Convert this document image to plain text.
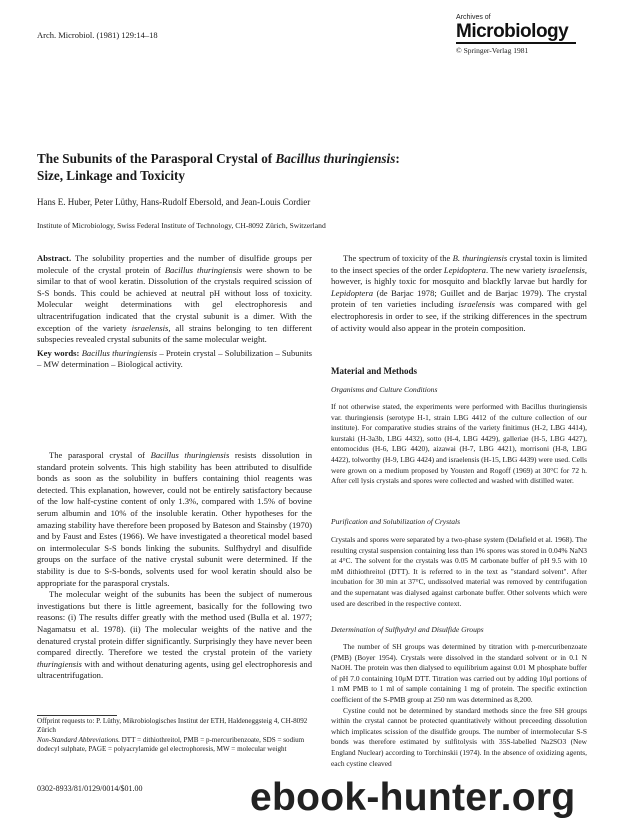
Arch. Microbiol. (1981) 129:14–18
Archives of
Microbiology
© Springer-Verlag 1981
The Subunits of the Parasporal Crystal of Bacillus thuringiensis:
Size, Linkage and Toxicity
Hans E. Huber, Peter Lüthy, Hans-Rudolf Ebersold, and Jean-Louis Cordier
Institute of Microbiology, Swiss Federal Institute of Technology, CH-8092 Zürich, Switzerland

Abstract. The solubility properties and the number of disulfide groups per molecule of the crystal protein of Bacillus thuringiensis were shown to be similar to that of wool keratin. Dissolution of the crystals required scission of S-S bonds. This could be achieved at neutral pH without loss of toxicity. Molecular weight determinations with gel electrophoresis and ultracentrifugation indicated that the crystal subunit is a dimer. With the exception of the variety israelensis, all strains belonging to ten different subspecies revealed crystal subunits of the same molecular weight.

Key words: Bacillus thuringiensis – Protein crystal – Solubilization – Subunits – MW determination – Biological activity.

The parasporal crystal of Bacillus thuringiensis resists dissolution in standard protein solvents. This high stability has been attributed to disulfide bonds as soon as the solubility in buffers containing thiol reagents was detected. This explanation, however, could not be entirely satisfactory because of the low half-cystine content of only 1.3%, compared with 1.5% of bovine serum albumin and 10% of the insoluble keratin. Other hypotheses for the amazing stability have therefore been proposed by Bateson and Stainsby (1970) and by Faust and Estes (1966). We have investigated a theoretical model based on intermolecular S-S bonds linking the subunits. Sulfhydryl and disulfide groups on the surface of the native crystal subunit were determined. If the stability is due to S-S-bonds, solvents used for wool keratin should also be appropriate for the parasporal crystals.

The molecular weight of the subunits has been the subject of numerous investigations but there is little agreement, basically for the following two reasons: (i) The results differ greatly with the method used (Bulla et al. 1977; Nagamatsu et al. 1978). (ii) The molecular weights of the native and the denatured crystal protein differ significantly. Surprisingly they have never been compared directly. Therefore we tested the crystal protein of the variety thuringiensis with and without denaturing agents, using gel electrophoresis and ultracentrifugation.

Offprint requests to: P. Lüthy, Mikrobiologisches Institut der ETH, Haldeneggsteig 4, CH-8092 Zürich

Non-Standard Abbreviations. DTT = dithiothreitol, PMB = p-mercuribenzoate, SDS = sodium dodecyl sulphate, PAGE = polyacrylamide gel electrophoresis, MW = molecular weight

0302-8933/81/0129/0014/$01.00

The spectrum of toxicity of the B. thuringiensis crystal toxin is limited to the insect species of the order Lepidoptera. The new variety israelensis, however, is highly toxic for mosquito and blackfly larvae but hardly for Lepidoptera (de Barjac 1978; Guillet and de Barjac 1979). The crystal protein of ten varieties including israelensis was compared with gel electrophoresis in order to see, if the striking differences in the spectrum of activity would also appear in the protein composition.

Material and Methods
Organisms and Culture Conditions

If not otherwise stated, the experiments were performed with Bacillus thuringiensis var. thuringiensis (serotype H-1, strain LBG 4412 of the culture collection of our institute). For comparative studies strains of the variety finitimus (H-2, LBG 4414), kurstaki (H-3a3b, LBG 4432), sotto (H-4, LBG 4429), galleriae (H-5, LBG 4427), entomocidus (H-6, LBG 4420), aizawai (H-7, LBG 4421), morrisoni (H-8, LBG 4422), tolworthy (H-9, LBG 4424) and israelensis (H-15, LBG 4439) were used. Cells were grown on a medium proposed by Yousten and Rogoff (1969) at 30°C for 72 h. After cell lysis crystals and spores were collected and washed with distilled water.

Purification and Solubilization of Crystals

Crystals and spores were separated by a two-phase system (Delafield et al. 1968). The resulting crystal suspension containing less than 1% spores was stored in 0.04% NaN3 at 4°C. The solvent for the crystals was 0.05 M carbonate buffer of pH 9.5 with 10 mM dithiothreitol (DTT). It is referred to in the text as "standard solvent". After incubation for 30 min at 37°C, undissolved material was removed by centrifugation and the supernatant was dialysed against carbonate buffer. Other solvents which were used are described in the respective context.

Determination of Sulfhydryl and Disulfide Groups

The number of SH groups was determined by titration with p-mercuribenzoate (PMB) (Boyer 1954). Crystals were dissolved in the standard solvent or in 0.1 N NaOH. The protein was then dialysed to equilibrium against 0.01 M phosphate buffer of pH 7.0 containing 10μM DTT. Titration was carried out by adding 10μl portions of 1 mM PMB to 1 ml of sample containing 1 mg of protein. The specific extinction coefficient of the S-PMB group at 250 nm was determined as 8,200.

Cystine could not be determined by standard methods since the free SH groups within the crystal cannot be protected quantitatively without preceeding dissolution which implicates scission of the disulfide groups. The number of intermolecular S-S bonds was therefore estimated by sulfitolysis with 35S-labelled Na2SO3 (New England Nuclear) according to Torchinskii (1974). In the absence of oxidizing agents, each cystine cleaved

ebook-hunter.org
